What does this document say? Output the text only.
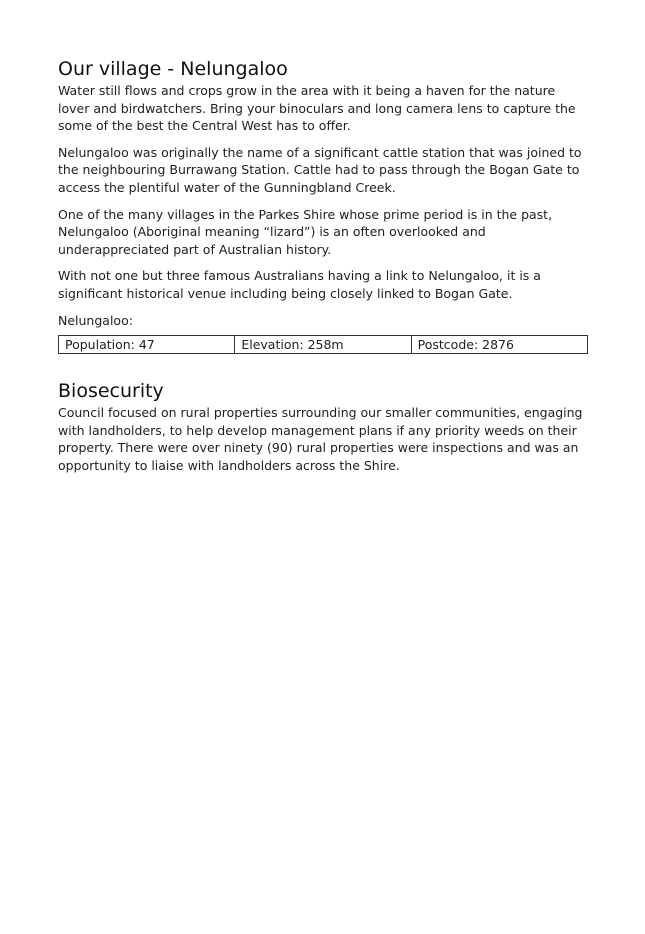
Our village - Nelungaloo

Water still flows and crops grow in the area with it being a haven for the nature lover and birdwatchers. Bring your binoculars and long camera lens to capture the some of the best the Central West has to offer.

Nelungaloo was originally the name of a significant cattle station that was joined to the neighbouring Burrawang Station. Cattle had to pass through the Bogan Gate to access the plentiful water of the Gunningbland Creek.

One of the many villages in the Parkes Shire whose prime period is in the past, Nelungaloo (Aboriginal meaning “lizard”) is an often overlooked and underappreciated part of Australian history.

With not one but three famous Australians having a link to Nelungaloo, it is a significant historical venue including being closely linked to Bogan Gate.

Nelungaloo:
Population: 47	Elevation: 258m	Postcode: 2876
Biosecurity

Council focused on rural properties surrounding our smaller communities, engaging with landholders, to help develop management plans if any priority weeds on their property. There were over ninety (90) rural properties were inspections and was an opportunity to liaise with landholders across the Shire.
